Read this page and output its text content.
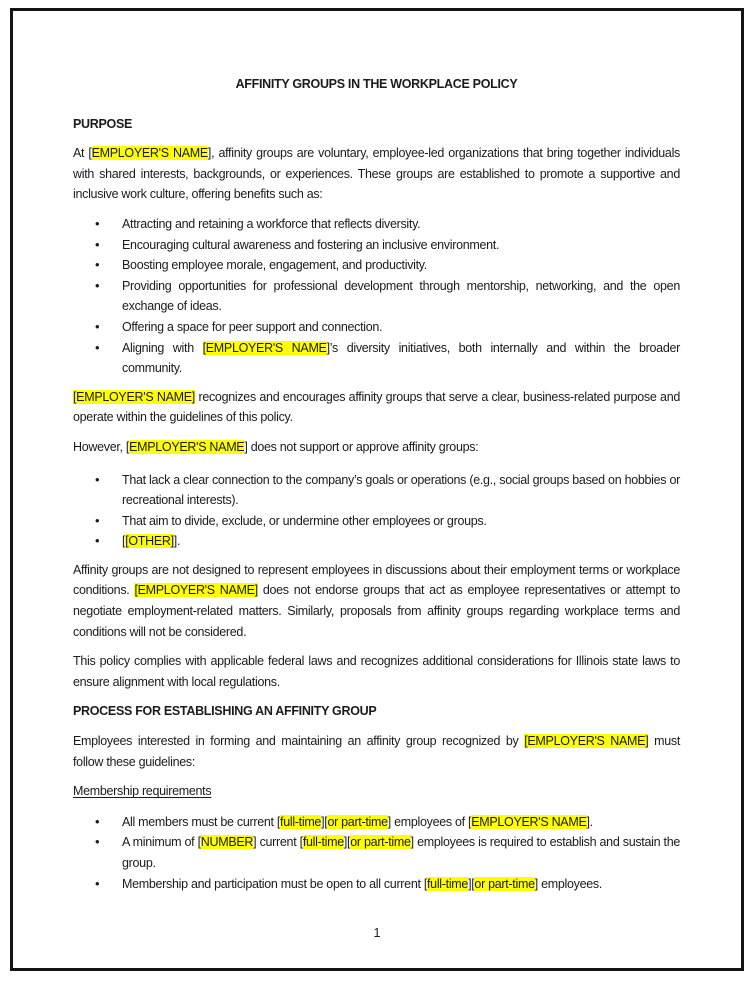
AFFINITY GROUPS IN THE WORKPLACE POLICY
PURPOSE

At [EMPLOYER'S NAME], affinity groups are voluntary, employee-led organizations that bring together individuals with shared interests, backgrounds, or experiences. These groups are established to promote a supportive and inclusive work culture, offering benefits such as:

• Attracting and retaining a workforce that reflects diversity.
• Encouraging cultural awareness and fostering an inclusive environment.
• Boosting employee morale, engagement, and productivity.
• Providing opportunities for professional development through mentorship, networking, and the open exchange of ideas.
• Offering a space for peer support and connection.
• Aligning with [EMPLOYER'S NAME]’s diversity initiatives, both internally and within the broader community.

[EMPLOYER'S NAME] recognizes and encourages affinity groups that serve a clear, business-related purpose and operate within the guidelines of this policy.

However, [EMPLOYER'S NAME] does not support or approve affinity groups:

• That lack a clear connection to the company’s goals or operations (e.g., social groups based on hobbies or recreational interests).
• That aim to divide, exclude, or undermine other employees or groups.
• [[OTHER]].

Affinity groups are not designed to represent employees in discussions about their employment terms or workplace conditions. [EMPLOYER'S NAME] does not endorse groups that act as employee representatives or attempt to negotiate employment-related matters. Similarly, proposals from affinity groups regarding workplace terms and conditions will not be considered.

This policy complies with applicable federal laws and recognizes additional considerations for Illinois state laws to ensure alignment with local regulations.

PROCESS FOR ESTABLISHING AN AFFINITY GROUP

Employees interested in forming and maintaining an affinity group recognized by [EMPLOYER'S NAME] must follow these guidelines:

Membership requirements
• All members must be current [full-time][or part-time] employees of [EMPLOYER'S NAME].
• A minimum of [NUMBER] current [full-time][or part-time] employees is required to establish and sustain the group.
• Membership and participation must be open to all current [full-time][or part-time] employees.
1
